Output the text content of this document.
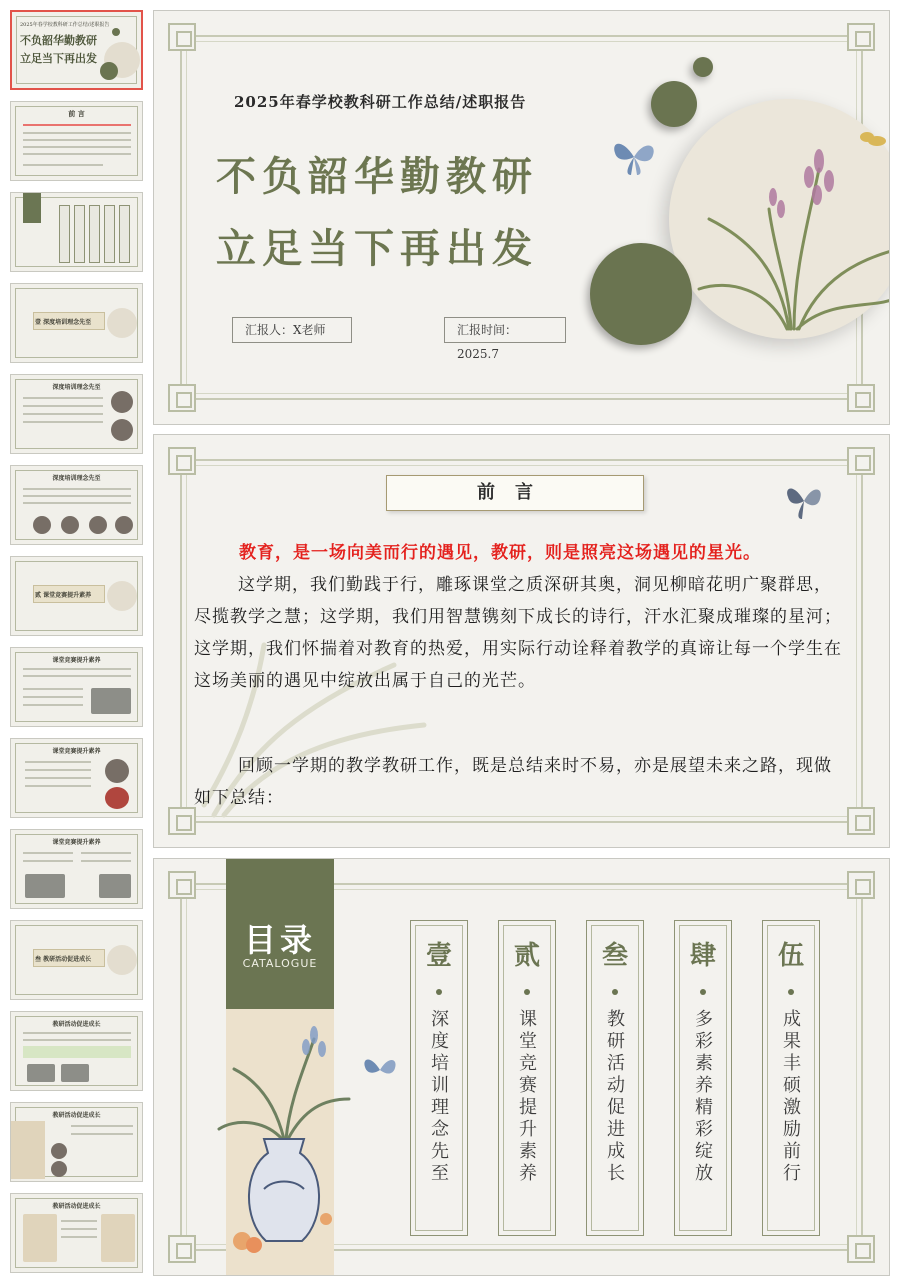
2025年春学校教科研工作总结/述职报告
不负韶华勤教研
立足当下再出发
前 言
壹 深度培训理念先至
深度培训理念先至
深度培训理念先至
贰 课堂竞赛提升素养
课堂竞赛提升素养
课堂竞赛提升素养
课堂竞赛提升素养
叁 教研活动促进成长
教研活动促进成长
教研活动促进成长
教研活动促进成长
2025年春学校教科研工作总结/述职报告
不负韶华勤教研
立足当下再出发
汇报人：X老师	汇报时间：2025.7
前言
教育，是一场向美而行的遇见，教研，则是照亮这场遇见的星光。
这学期，我们勤践于行，雕琢课堂之质深研其奥，洞见柳暗花明广聚群思，尽揽教学之慧；这学期，我们用智慧镌刻下成长的诗行，汗水汇聚成璀璨的星河；这学期，我们怀揣着对教育的热爱，用实际行动诠释着教学的真谛让每一个学生在这场美丽的遇见中绽放出属于自己的光芒。
回顾一学期的教学教研工作，既是总结来时不易，亦是展望未来之路，现做如下总结：
目录
CATALOGUE	壹
深度培训理念先至
贰
课堂竞赛提升素养
叁
教研活动促进成长
肆
多彩素养精彩绽放
伍
成果丰硕激励前行
